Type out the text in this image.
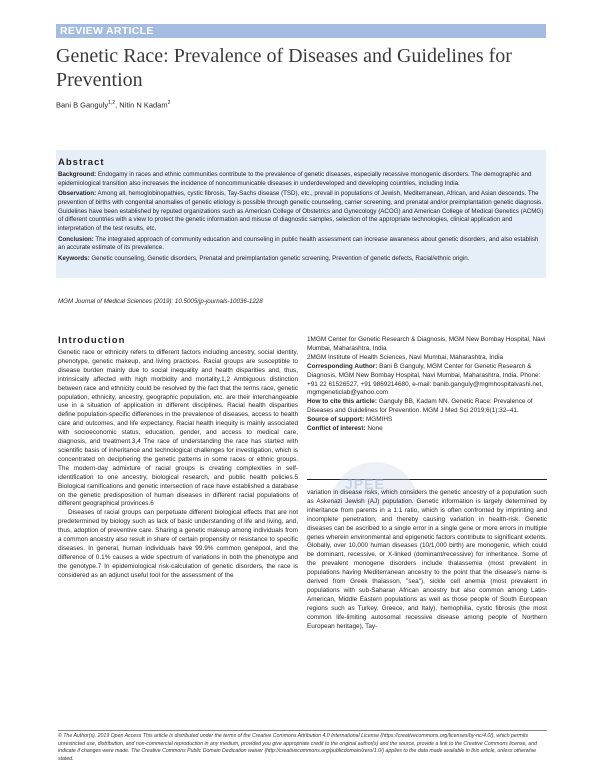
REVIEW ARTICLE
Genetic Race: Prevalence of Diseases and Guidelines for Prevention
Bani B Ganguly$^{1,2}$, Nitin N Kadam$^2$
Abstract

Background: Endogamy in races and ethnic communities contribute to the prevalence of genetic diseases, especially recessive monogenic disorders. The demographic and epidemiological transition also increases the incidence of noncommunicable diseases in underdeveloped and developing countries, including India.

Observation: Among all, hemoglobinopathies, cystic fibrosis, Tay-Sachs disease (TSD), etc., prevail in populations of Jewish, Mediterranean, African, and Asian descends. The prevention of births with congenital anomalies of genetic etiology is possible through genetic counseling, carrier screening, and prenatal and/or preimplantation genetic diagnosis. Guidelines have been established by reputed organizations such as American College of Obstetrics and Gynecology (ACOG) and American College of Medical Genetics (ACMG) of different countries with a view to protect the genetic information and misuse of diagnostic samples, selection of the appropriate technologies, clinical application and interpretation of the test results, etc.

Conclusion: The integrated approach of community education and counseling in public health assessment can increase awareness about genetic disorders, and also establish an accurate estimate of its prevalence.

Keywords: Genetic counseling, Genetic disorders, Prenatal and preimplantation genetic screening, Prevention of genetic defects, Racial/ethnic origin.

MGM Journal of Medical Sciences (2019): 10.5005/jp-journals-10036-1228
Introduction

Genetic race or ethnicity refers to different factors including ancestry, social identity, phenotype, genetic makeup, and living practices. Racial groups are susceptible to disease burden mainly due to social inequality and health disparities and, thus, intrinsically affected with high morbidity and mortality.1,2 Ambiguous distinction between race and ethnicity could be resolved by the fact that the terms race, genetic population, ethnicity, ancestry, geographic population, etc. are their interchangeable use in a situation of application in different disciplines. Racial health disparities define population-specific differences in the prevalence of diseases, access to health care and outcomes, and life expectancy. Racial health inequity is mainly associated with socioeconomic status, education, gender, and access to medical care, diagnosis, and treatment.3,4 The race of understanding the race has started with scientific basis of inheritance and technological challenges for investigation, which is concentrated on deciphering the genetic patterns in some races or ethnic groups. The modern-day admixture of racial groups is creating complexities in self-identification to one ancestry, biological research, and public health policies.5 Biological ramifications and genetic intersection of race have established a database on the genetic predisposition of human diseases in different racial populations of different geographical provinces.6

Diseases of racial groups can perpetuate different biological effects that are not predetermined by biology such as lack of basic understanding of life and living, and, thus, adoption of preventive care. Sharing a genetic makeup among individuals from a common ancestry also result in share of certain propensity or resistance to specific diseases. In general, human individuals have 99.9% common genepool, and the difference of 0.1% causes a wide spectrum of variations in both the phenotype and the genotype.7 In epidemiological risk-calculation of genetic disorders, the race is considered as an adjunct useful tool for the assessment of the

1MGM Center for Genetic Research & Diagnosis, MGM New Bombay Hospital, Navi Mumbai, Maharashtra, India

2MGM Institute of Health Sciences, Navi Mumbai, Maharashtra, India

Corresponding Author: Bani B Ganguly, MGM Center for Genetic Research & Diagnosis, MGM New Bombay Hospital, Navi Mumbai, Maharashtra, India. Phone: +91 22 61526527, +91 9869214680, e-mail: banib.ganguly@mgmhospitalvashi.net, mgmgeneticlab@yahoo.com

How to cite this article: Ganguly BB, Kadam NN. Genetic Race: Prevalence of Diseases and Guidelines for Prevention. MGM J Med Sci 2019;6(1):32–41.

Source of support: MGMIHS

Conflict of interest: None

JPEE

variation in disease risks, which considers the genetic ancestry of a population such as Askenazi Jewish (AJ) population. Genetic information is largely determined by inheritance from parents in a 1:1 ratio, which is often confronted by imprinting and incomplete penetration, and thereby causing variation in health-risk. Genetic diseases can be ascribed to a single error in a single gene or more errors in multiple genes wherein environmental and epigenetic factors contribute to significant extents. Globally, over 10,000 human diseases (10/1,000 birth) are monogenic, which could be dominant, recessive, or X-linked (dominant/recessive) for inheritance. Some of the prevalent monogene disorders include thalassemia (most prevalent in populations having Mediterranean ancestry to the point that the disease's name is derived from Greek thalasson, "sea"), sickle cell anemia (most prevalent in populations with sub-Saharan African ancestry but also common among Latin-American, Middle Eastern populations as well as those people of South European regions such as Turkey, Greece, and Italy), hemophilia, cystic fibrosis (the most common life-limiting autosomal recessive disease among people of Northern European heritage), Tay-

© The Author(s). 2019 Open Access This article is distributed under the terms of the Creative Commons Attribution 4.0 International License (https://creativecommons.org/licenses/by-nc/4.0/), which permits unrestricted use, distribution, and non-commercial reproduction in any medium, provided you give appropriate credit to the original author(s) and the source, provide a link to the Creative Commons license, and indicate if changes were made. The Creative Commons Public Domain Dedication waiver (http://creativecommons.org/publicdomain/zero/1.0/) applies to the data made available in this article, unless otherwise stated.
